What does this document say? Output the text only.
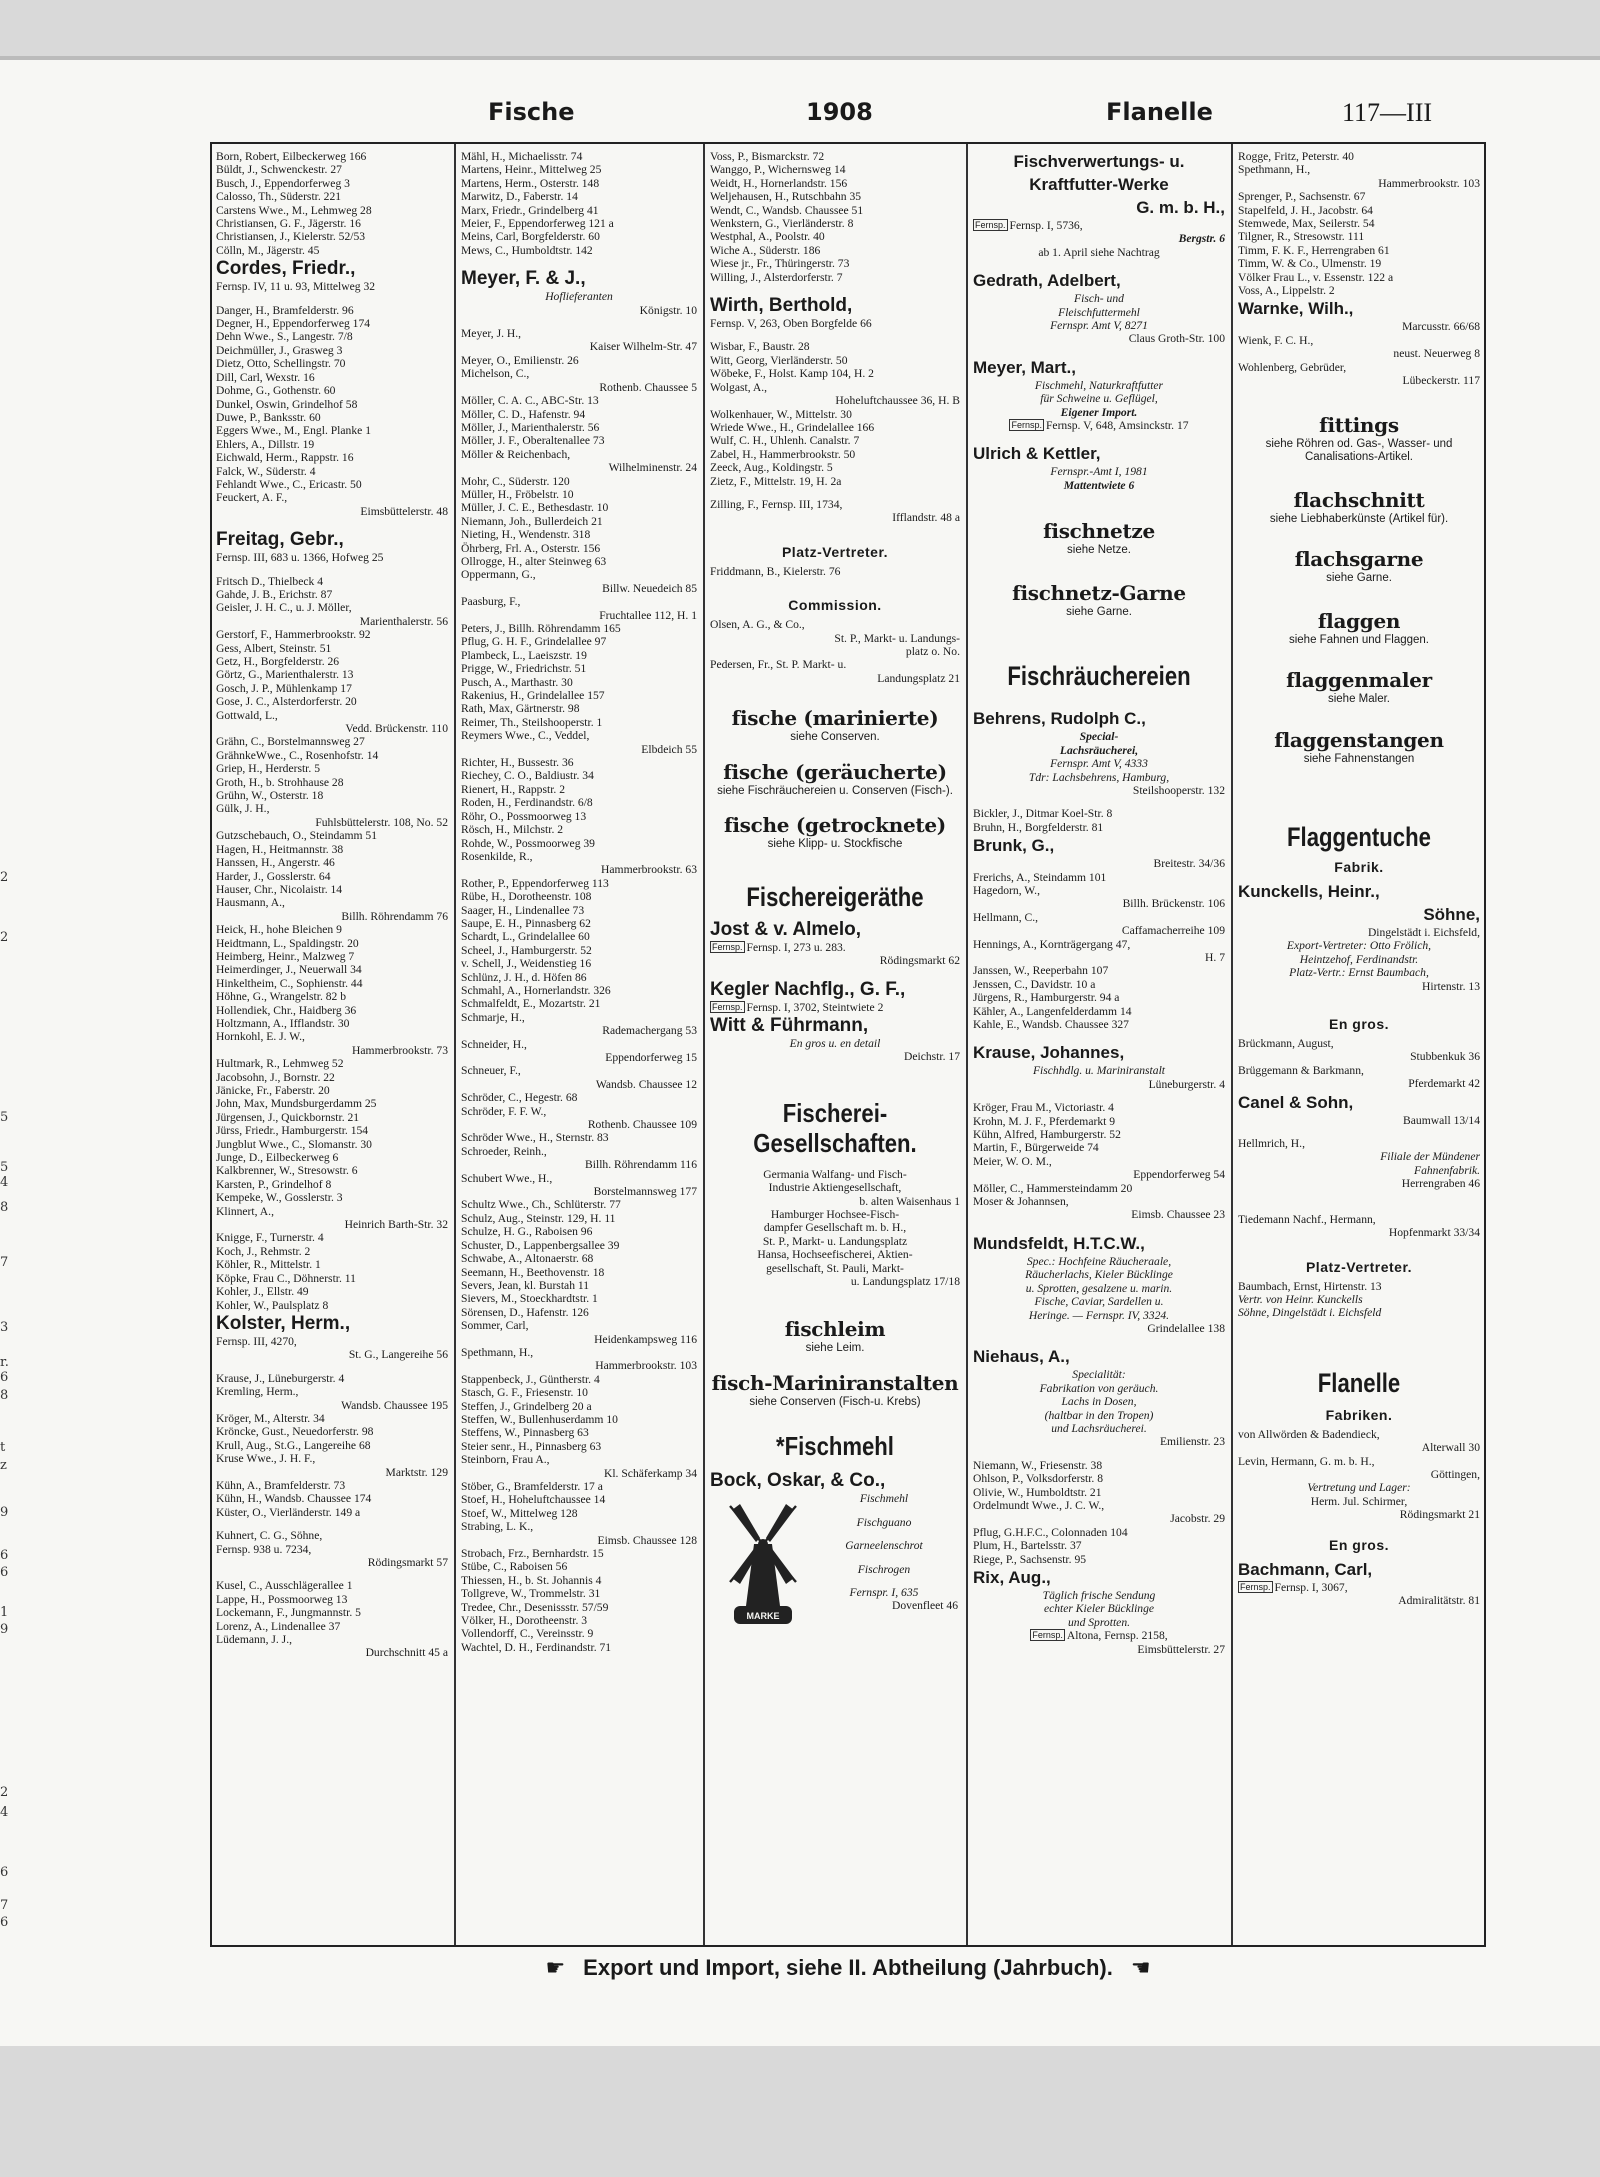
2
2
5
5
4
8
7
3
r.
6
8
t
z
9
6
6
1
9
2
4
6
7
6
Fische	1908	Flanelle	117—III
Born, Robert, Eilbeckerweg 166
Büldt, J., Schwenckestr. 27
Busch, J., Eppendorferweg 3
Calosso, Th., Süderstr. 221
Carstens Wwe., M., Lehmweg 28
Christiansen, G. F., Jägerstr. 16
Christiansen, J., Kielerstr. 52/53
Cölln, M., Jägerstr. 45
Cordes, Friedr.,
Fernsp. IV, 11 u. 93, Mittelweg 32
Danger, H., Bramfelderstr. 96
Degner, H., Eppendorferweg 174
Dehn Wwe., S., Langestr. 7/8
Deichmüller, J., Grasweg 3
Dietz, Otto, Schellingstr. 70
Dill, Carl, Wexstr. 16
Dohme, G., Gothenstr. 60
Dunkel, Oswin, Grindelhof 58
Duwe, P., Banksstr. 60
Eggers Wwe., M., Engl. Planke 1
Ehlers, A., Dillstr. 19
Eichwald, Herm., Rappstr. 16
Falck, W., Süderstr. 4
Fehlandt Wwe., C., Ericastr. 50
Feuckert, A. F.,
Eimsbüttelerstr. 48
Freitag, Gebr.,
Fernsp. III, 683 u. 1366, Hofweg 25
Fritsch D., Thielbeck 4
Gahde, J. B., Erichstr. 87
Geisler, J. H. C., u. J. Möller,
Marienthalerstr. 56
Gerstorf, F., Hammerbrookstr. 92
Gess, Albert, Steinstr. 51
Getz, H., Borgfelderstr. 26
Görtz, G., Marienthalerstr. 13
Gosch, J. P., Mühlenkamp 17
Gose, J. C., Alsterdorferstr. 20
Gottwald, L.,
Vedd. Brückenstr. 110
Grähn, C., Borstelmannsweg 27
GrähnkeWwe., C., Rosenhofstr. 14
Griep, H., Herderstr. 5
Groth, H., b. Strohhause 28
Grühn, W., Osterstr. 18
Gülk, J. H.,
Fuhlsbüttelerstr. 108, No. 52
Gutzschebauch, O., Steindamm 51
Hagen, H., Heitmannstr. 38
Hanssen, H., Angerstr. 46
Harder, J., Gosslerstr. 64
Hauser, Chr., Nicolaistr. 14
Hausmann, A.,
Billh. Röhrendamm 76
Heick, H., hohe Bleichen 9
Heidtmann, L., Spaldingstr. 20
Heimberg, Heinr., Malzweg 7
Heimerdinger, J., Neuerwall 34
Hinkeltheim, C., Sophienstr. 44
Höhne, G., Wrangelstr. 82 b
Hollendiek, Chr., Haidberg 36
Holtzmann, A., Ifflandstr. 30
Hornkohl, E. J. W.,
Hammerbrookstr. 73
Hultmark, R., Lehmweg 52
Jacobsohn, J., Bornstr. 22
Jänicke, Fr., Faberstr. 20
John, Max, Mundsburgerdamm 25
Jürgensen, J., Quickbornstr. 21
Jürss, Friedr., Hamburgerstr. 154
Jungblut Wwe., C., Slomanstr. 30
Junge, D., Eilbeckerweg 6
Kalkbrenner, W., Stresowstr. 6
Karsten, P., Grindelhof 8
Kempeke, W., Gosslerstr. 3
Klinnert, A.,
Heinrich Barth-Str. 32
Knigge, F., Turnerstr. 4
Koch, J., Rehmstr. 2
Köhler, R., Mittelstr. 1
Köpke, Frau C., Döhnerstr. 11
Kohler, J., Ellstr. 49
Kohler, W., Paulsplatz 8
Kolster, Herm.,
Fernsp. III, 4270,
St. G., Langereihe 56
Krause, J., Lüneburgerstr. 4
Kremling, Herm.,
Wandsb. Chaussee 195
Kröger, M., Alterstr. 34
Kröncke, Gust., Neuedorferstr. 98
Krull, Aug., St.G., Langereihe 68
Kruse Wwe., J. H. F.,
Marktstr. 129
Kühn, A., Bramfelderstr. 73
Kühn, H., Wandsb. Chaussee 174
Küster, O., Vierländerstr. 149 a
Kuhnert, C. G., Söhne,
Fernsp. 938 u. 7234,
Rödingsmarkt 57
Kusel, C., Ausschlägerallee 1
Lappe, H., Possmoorweg 13
Lockemann, F., Jungmannstr. 5
Lorenz, A., Lindenallee 37
Lüdemann, J. J.,
Durchschnitt 45 a
Mähl, H., Michaelisstr. 74
Martens, Heinr., Mittelweg 25
Martens, Herm., Osterstr. 148
Marwitz, D., Faberstr. 14
Marx, Friedr., Grindelberg 41
Meier, F., Eppendorferweg 121 a
Meins, Carl, Borgfelderstr. 60
Mews, C., Humboldtstr. 142
Meyer, F. & J.,
Hoflieferanten
Königstr. 10
Meyer, J. H.,
Kaiser Wilhelm-Str. 47
Meyer, O., Emilienstr. 26
Michelson, C.,
Rothenb. Chaussee 5
Möller, C. A. C., ABC-Str. 13
Möller, C. D., Hafenstr. 94
Möller, J., Marienthalerstr. 56
Möller, J. F., Oberaltenallee 73
Möller & Reichenbach,
Wilhelminenstr. 24
Mohr, C., Süderstr. 120
Müller, H., Fröbelstr. 10
Müller, J. C. E., Bethesdastr. 10
Niemann, Joh., Bullerdeich 21
Nieting, H., Wendenstr. 318
Öhrberg, Frl. A., Osterstr. 156
Ollrogge, H., alter Steinweg 63
Oppermann, G.,
Billw. Neuedeich 85
Paasburg, F.,
Fruchtallee 112, H. 1
Peters, J., Billh. Röhrendamm 165
Pflug, G. H. F., Grindelallee 97
Plambeck, L., Laeiszstr. 19
Prigge, W., Friedrichstr. 51
Pusch, A., Marthastr. 30
Rakenius, H., Grindelallee 157
Rath, Max, Gärtnerstr. 98
Reimer, Th., Steilshooperstr. 1
Reymers Wwe., C., Veddel,
Elbdeich 55
Richter, H., Bussestr. 36
Riechey, C. O., Baldiustr. 34
Rienert, H., Rappstr. 2
Roden, H., Ferdinandstr. 6/8
Röhr, O., Possmoorweg 13
Rösch, H., Milchstr. 2
Rohde, W., Possmoorweg 39
Rosenkilde, R.,
Hammerbrookstr. 63
Rother, P., Eppendorferweg 113
Rübe, H., Dorotheenstr. 108
Saager, H., Lindenallee 73
Saupe, E. H., Pinnasberg 62
Schardt, L., Grindelallee 60
Scheel, J., Hamburgerstr. 52
v. Schell, J., Weidenstieg 16
Schlünz, J. H., d. Höfen 86
Schmahl, A., Hornerlandstr. 326
Schmalfeldt, E., Mozartstr. 21
Schmarje, H.,
Rademachergang 53
Schneider, H.,
Eppendorferweg 15
Schneuer, F.,
Wandsb. Chaussee 12
Schröder, C., Hegestr. 68
Schröder, F. F. W.,
Rothenb. Chaussee 109
Schröder Wwe., H., Sternstr. 83
Schroeder, Reinh.,
Billh. Röhrendamm 116
Schubert Wwe., H.,
Borstelmannsweg 177
Schultz Wwe., Ch., Schlüterstr. 77
Schulz, Aug., Steinstr. 129, H. 11
Schulze, H. G., Raboisen 96
Schuster, D., Lappenbergsallee 39
Schwabe, A., Altonaerstr. 68
Seemann, H., Beethovenstr. 18
Severs, Jean, kl. Burstah 11
Sievers, M., Stoeckhardtstr. 1
Sörensen, D., Hafenstr. 126
Sommer, Carl,
Heidenkampsweg 116
Spethmann, H.,
Hammerbrookstr. 103
Stappenbeck, J., Güntherstr. 4
Stasch, G. F., Friesenstr. 10
Steffen, J., Grindelberg 20 a
Steffen, W., Bullenhuserdamm 10
Steffens, W., Pinnasberg 63
Steier senr., H., Pinnasberg 63
Steinborn, Frau A.,
Kl. Schäferkamp 34
Stöber, G., Bramfelderstr. 17 a
Stoef, H., Hoheluftchaussee 14
Stoef, W., Mittelweg 128
Strabing, L. K.,
Eimsb. Chaussee 128
Strobach, Frz., Bernhardstr. 15
Stübe, C., Raboisen 56
Thiessen, H., b. St. Johannis 4
Tollgreve, W., Trommelstr. 31
Tredee, Chr., Desenissstr. 57/59
Völker, H., Dorotheenstr. 3
Vollendorff, C., Vereinsstr. 9
Wachtel, D. H., Ferdinandstr. 71
Voss, P., Bismarckstr. 72
Wanggo, P., Wichernsweg 14
Weidt, H., Hornerlandstr. 156
Weljehausen, H., Rutschbahn 35
Wendt, C., Wandsb. Chaussee 51
Wenkstern, G., Vierländerstr. 8
Westphal, A., Poolstr. 40
Wiche A., Süderstr. 186
Wiese jr., Fr., Thüringerstr. 73
Willing, J., Alsterdorferstr. 7
Wirth, Berthold,
Fernsp. V, 263, Oben Borgfelde 66
Wisbar, F., Baustr. 28
Witt, Georg, Vierländerstr. 50
Wöbeke, F., Holst. Kamp 104, H. 2
Wolgast, A.,
Hoheluftchaussee 36, H. B
Wolkenhauer, W., Mittelstr. 30
Wriede Wwe., H., Grindelallee 166
Wulf, C. H., Uhlenh. Canalstr. 7
Zabel, H., Hammerbrookstr. 50
Zeeck, Aug., Koldingstr. 5
Zietz, F., Mittelstr. 19, H. 2a
Zilling, F., Fernsp. III, 1734,
Ifflandstr. 48 a
Platz-Vertreter.
Friddmann, B., Kielerstr. 76
Commission.
Olsen, A. G., & Co.,
St. P., Markt- u. Landungs-
platz o. No.
Pedersen, Fr., St. P. Markt- u.
Landungsplatz 21
fische (marinierte)
siehe Conserven.
fische (geräucherte)
siehe Fischräuchereien u. Conserven (Fisch-).
fische (getrocknete)
siehe Klipp- u. Stockfische
Fischereigeräthe
Jost & v. Almelo,
Fernsp. Fernsp. I, 273 u. 283.
Rödingsmarkt 62
Kegler Nachflg., G. F.,
Fernsp. Fernsp. I, 3702, Steintwiete 2
Witt & Führmann,
En gros u. en detail
Deichstr. 17
Fischerei-
Gesellschaften.
Germania Walfang- und Fisch-
Industrie Aktiengesellschaft,
b. alten Waisenhaus 1
Hamburger Hochsee-Fisch-
dampfer Gesellschaft m. b. H.,
St. P., Markt- u. Landungsplatz
Hansa, Hochseefischerei, Aktien-
gesellschaft, St. Pauli, Markt-
u. Landungsplatz 17/18
fischleim
siehe Leim.
fisch-Mariniranstalten
siehe Conserven (Fisch-u. Krebs)
*Fischmehl
Bock, Oskar, & Co.,
MARKE
Fischmehl
Fischguano
Garneelenschrot
Fischrogen
Fernspr. I, 635
Dovenfleet 46
Fischverwertungs- u.
Kraftfutter-Werke
G. m. b. H.,
Fernsp. Fernsp. I, 5736,
Bergstr. 6
ab 1. April siehe Nachtrag
Gedrath, Adelbert,
Fisch- und
Fleischfuttermehl
Fernspr. Amt V, 8271
Claus Groth-Str. 100
Meyer, Mart.,
Fischmehl, Naturkraftfutter
für Schweine u. Geflügel,
Eigener Import.
Fernsp. Fernsp. V, 648, Amsinckstr. 17
Ulrich & Kettler,
Fernspr.-Amt I, 1981
Mattentwiete 6
fischnetze
siehe Netze.
fischnetz-Garne
siehe Garne.
Fischräuchereien
Behrens, Rudolph C.,
Special-
Lachsräucherei,
Fernspr. Amt V, 4333
Tdr: Lachsbehrens, Hamburg,
Steilshooperstr. 132
Bickler, J., Ditmar Koel-Str. 8
Bruhn, H., Borgfelderstr. 81
Brunk, G.,
Breitestr. 34/36
Frerichs, A., Steindamm 101
Hagedorn, W.,
Billh. Brückenstr. 106
Hellmann, C.,
Caffamacherreihe 109
Hennings, A., Kornträgergang 47,
H. 7
Janssen, W., Reeperbahn 107
Jenssen, C., Davidstr. 10 a
Jürgens, R., Hamburgerstr. 94 a
Kähler, A., Langenfelderdamm 14
Kahle, E., Wandsb. Chaussee 327
Krause, Johannes,
Fischhdlg. u. Mariniranstalt
Lüneburgerstr. 4
Kröger, Frau M., Victoriastr. 4
Krohn, M. J. F., Pferdemarkt 9
Kühn, Alfred, Hamburgerstr. 52
Martin, F., Bürgerweide 74
Meier, W. O. M.,
Eppendorferweg 54
Möller, C., Hammersteindamm 20
Moser & Johannsen,
Eimsb. Chaussee 23
Mundsfeldt, H.T.C.W.,
Spec.: Hochfeine Räucheraale,
Räucherlachs, Kieler Bücklinge
u. Sprotten, gesalzene u. marin.
Fische, Caviar, Sardellen u.
Heringe. — Fernspr. IV, 3324.
Grindelallee 138
Niehaus, A.,
Specialität:
Fabrikation von geräuch.
Lachs in Dosen,
(haltbar in den Tropen)
und Lachsräucherei.
Emilienstr. 23
Niemann, W., Friesenstr. 38
Ohlson, P., Volksdorferstr. 8
Olivie, W., Humboldtstr. 21
Ordelmundt Wwe., J. C. W.,
Jacobstr. 29
Pflug, G.H.F.C., Colonnaden 104
Plum, H., Bartelsstr. 37
Riege, P., Sachsenstr. 95
Rix, Aug.,
Täglich frische Sendung
echter Kieler Bücklinge
und Sprotten.
Fernsp. Altona, Fernsp. 2158,
Eimsbüttelerstr. 27
Rogge, Fritz, Peterstr. 40
Spethmann, H.,
Hammerbrookstr. 103
Sprenger, P., Sachsenstr. 67
Stapelfeld, J. H., Jacobstr. 64
Stemwede, Max, Seilerstr. 54
Tilgner, R., Stresowstr. 111
Timm, F. K. F., Herrengraben 61
Timm, W. & Co., Ulmenstr. 19
Völker Frau L., v. Essenstr. 122 a
Voss, A., Lippelstr. 2
Warnke, Wilh.,
Marcusstr. 66/68
Wienk, F. C. H.,
neust. Neuerweg 8
Wohlenberg, Gebrüder,
Lübeckerstr. 117
fittings
siehe Röhren od. Gas-, Wasser- und Canalisations-Artikel.
flachschnitt
siehe Liebhaberkünste (Artikel für).
flachsgarne
siehe Garne.
flaggen
siehe Fahnen und Flaggen.
flaggenmaler
siehe Maler.
flaggenstangen
siehe Fahnenstangen
Flaggentuche
Fabrik.
Kunckells, Heinr.,
Söhne,
Dingelstädt i. Eichsfeld,
Export-Vertreter: Otto Frölich,
Heintzehof, Ferdinandstr.
Platz-Vertr.: Ernst Baumbach,
Hirtenstr. 13
En gros.
Brückmann, August,
Stubbenkuk 36
Brüggemann & Barkmann,
Pferdemarkt 42
Canel & Sohn,
Baumwall 13/14
Hellmrich, H.,
Filiale der Mündener
Fahnenfabrik.
Herrengraben 46
Tiedemann Nachf., Hermann,
Hopfenmarkt 33/34
Platz-Vertreter.
Baumbach, Ernst, Hirtenstr. 13
Vertr. von Heinr. Kunckells
Söhne, Dingelstädt i. Eichsfeld
Flanelle
Fabriken.
von Allwörden & Badendieck,
Alterwall 30
Levin, Hermann, G. m. b. H.,
Göttingen,
Vertretung und Lager:
Herm. Jul. Schirmer,
Rödingsmarkt 21
En gros.
Bachmann, Carl,
Fernsp. Fernsp. I, 3067,
Admiralitätstr. 81
☛ Export und Import, siehe II. Abtheilung (Jahrbuch). ☚
